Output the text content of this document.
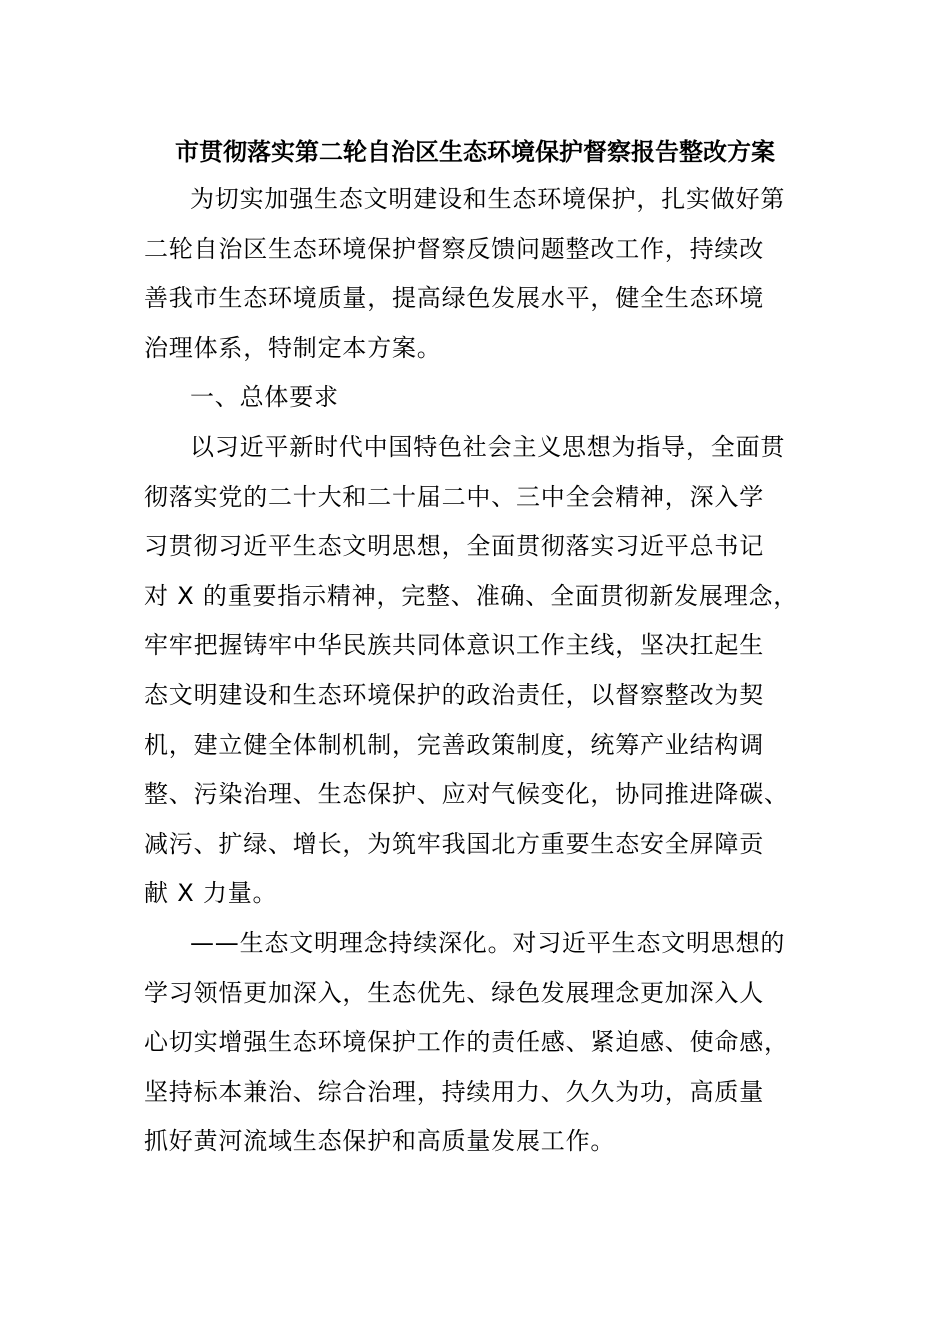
市贯彻落实第二轮自治区生态环境保护督察报告整改方案
为切实加强生态文明建设和生态环境保护，扎实做好第
二轮自治区生态环境保护督察反馈问题整改工作，持续改
善我市生态环境质量，提高绿色发展水平，健全生态环境
治理体系，特制定本方案。
一、总体要求
以习近平新时代中国特色社会主义思想为指导，全面贯
彻落实党的二十大和二十届二中、三中全会精神，深入学
习贯彻习近平生态文明思想，全面贯彻落实习近平总书记
对 X 的重要指示精神，完整、准确、全面贯彻新发展理念，
牢牢把握铸牢中华民族共同体意识工作主线，坚决扛起生
态文明建设和生态环境保护的政治责任，以督察整改为契
机，建立健全体制机制，完善政策制度，统筹产业结构调
整、污染治理、生态保护、应对气候变化，协同推进降碳、
减污、扩绿、增长，为筑牢我国北方重要生态安全屏障贡
献 X 力量。
——生态文明理念持续深化。对习近平生态文明思想的
学习领悟更加深入，生态优先、绿色发展理念更加深入人
心切实增强生态环境保护工作的责任感、紧迫感、使命感，
坚持标本兼治、综合治理，持续用力、久久为功，高质量
抓好黄河流域生态保护和高质量发展工作。
